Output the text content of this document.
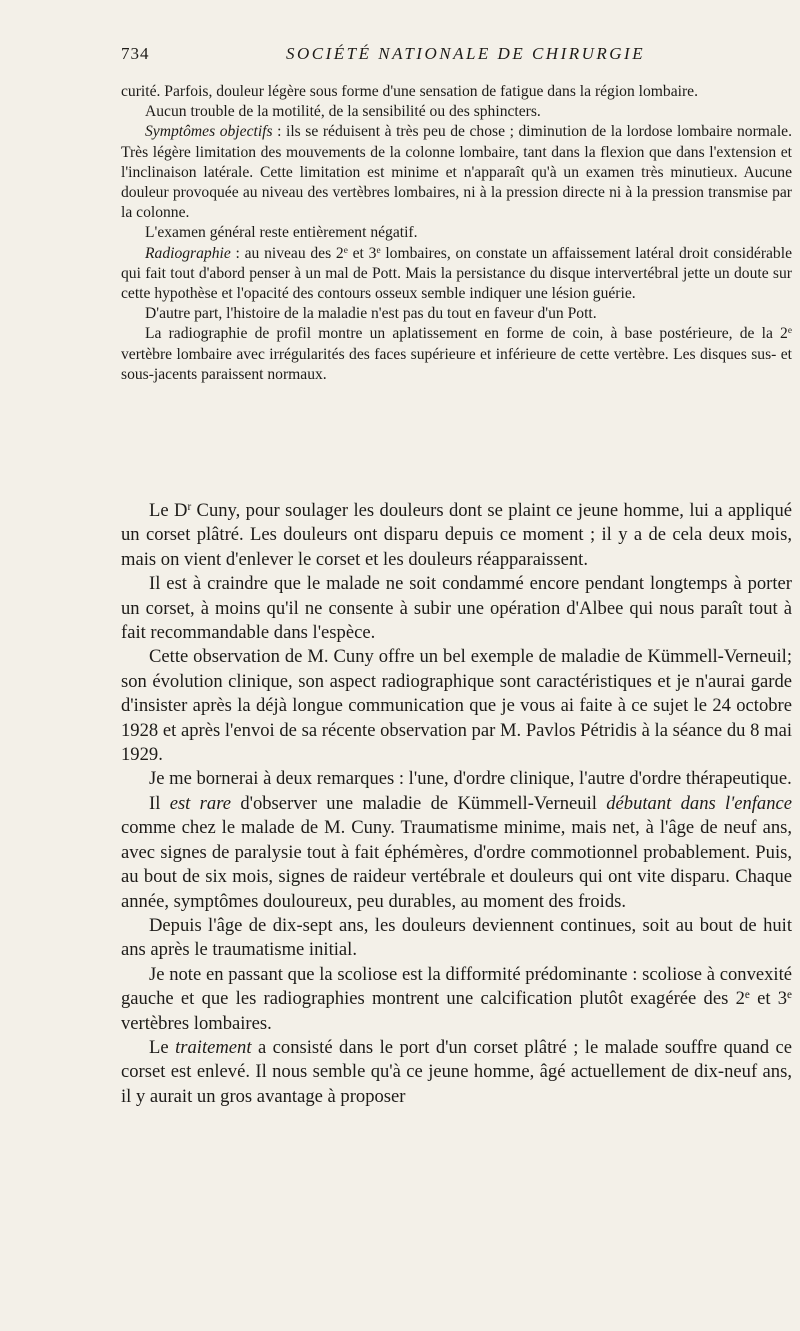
734	SOCIÉTÉ NATIONALE DE CHIRURGIE

curité. Parfois, douleur légère sous forme d'une sensation de fatigue dans la région lombaire.

Aucun trouble de la motilité, de la sensibilité ou des sphincters.

Symptômes objectifs : ils se réduisent à très peu de chose ; diminution de la lordose lombaire normale. Très légère limitation des mouvements de la colonne lombaire, tant dans la flexion que dans l'extension et l'inclinaison latérale. Cette limitation est minime et n'apparaît qu'à un examen très minutieux. Aucune douleur provoquée au niveau des vertèbres lombaires, ni à la pression directe ni à la pression transmise par la colonne.

L'examen général reste entièrement négatif.

Radiographie : au niveau des 2e et 3e lombaires, on constate un affaissement latéral droit considérable qui fait tout d'abord penser à un mal de Pott. Mais la persistance du disque intervertébral jette un doute sur cette hypothèse et l'opacité des contours osseux semble indiquer une lésion guérie.

D'autre part, l'histoire de la maladie n'est pas du tout en faveur d'un Pott.

La radiographie de profil montre un aplatissement en forme de coin, à base postérieure, de la 2e vertèbre lombaire avec irrégularités des faces supérieure et inférieure de cette vertèbre. Les disques sus- et sous-jacents paraissent normaux.

Le $D^r$ Cuny, pour soulager les douleurs dont se plaint ce jeune homme, lui a appliqué un corset plâtré. Les douleurs ont disparu depuis ce moment ; il y a de cela deux mois, mais on vient d'enlever le corset et les douleurs réapparaissent.

Il est à craindre que le malade ne soit condammé encore pendant longtemps à porter un corset, à moins qu'il ne consente à subir une opération d'Albee qui nous paraît tout à fait recommandable dans l'espèce.

Cette observation de M. Cuny offre un bel exemple de maladie de Kümmell-Verneuil; son évolution clinique, son aspect radiographique sont caractéristiques et je n'aurai garde d'insister après la déjà longue communication que je vous ai faite à ce sujet le 24 octobre 1928 et après l'envoi de sa récente observation par M. Pavlos Pétridis à la séance du 8 mai 1929.

Je me bornerai à deux remarques : l'une, d'ordre clinique, l'autre d'ordre thérapeutique.

Il est rare d'observer une maladie de Kümmell-Verneuil débutant dans l'enfance comme chez le malade de M. Cuny. Traumatisme minime, mais net, à l'âge de neuf ans, avec signes de paralysie tout à fait éphémères, d'ordre commotionnel probablement. Puis, au bout de six mois, signes de raideur vertébrale et douleurs qui ont vite disparu. Chaque année, symptômes douloureux, peu durables, au moment des froids.

Depuis l'âge de dix-sept ans, les douleurs deviennent continues, soit au bout de huit ans après le traumatisme initial.

Je note en passant que la scoliose est la difformité prédominante : scoliose à convexité gauche et que les radiographies montrent une calcification plutôt exagérée des 2e et 3e vertèbres lombaires.

Le traitement a consisté dans le port d'un corset plâtré ; le malade souffre quand ce corset est enlevé. Il nous semble qu'à ce jeune homme, âgé actuellement de dix-neuf ans, il y aurait un gros avantage à proposer
